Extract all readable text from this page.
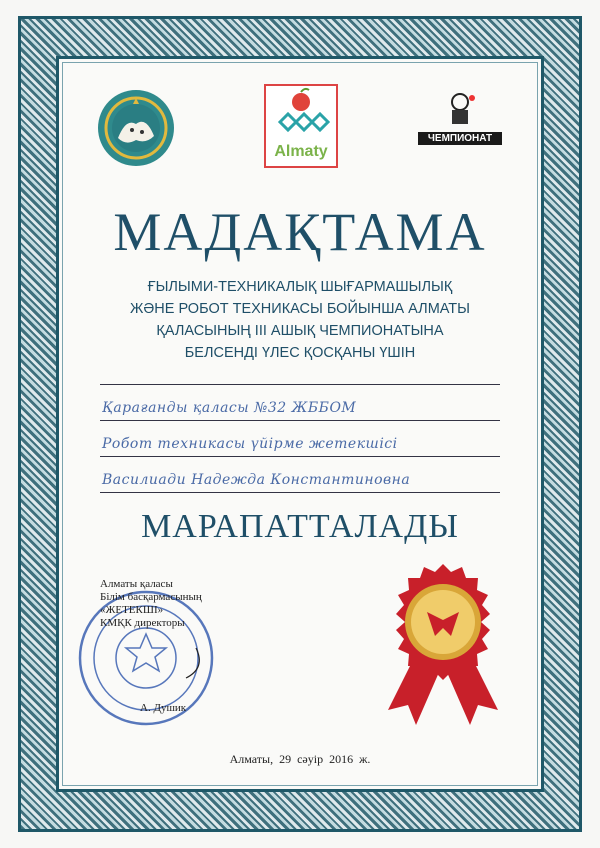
Almaty
ЧЕМПИОНАТ
МАДАҚТАМА
ҒЫЛЫМИ-ТЕХНИКАЛЫҚ ШЫҒАРМАШЫЛЫҚ
ЖӘНЕ РОБОТ ТЕХНИКАСЫ БОЙЫНША АЛМАТЫ
ҚАЛАСЫНЫҢ ІІІ АШЫҚ ЧЕМПИОНАТЫНА
БЕЛСЕНДІ ҮЛЕС ҚОСҚАНЫ ҮШІН
Қарағанды қаласы №32 ЖББОМ
Робот техникасы үйірме жетекшісі
Василиади Надежда Константиновна
МАРАПАТТАЛАДЫ
Алматы қаласы
Білім басқармасының
«ЖЕТЕКШІ»
КМҚК директоры
А. Душик
Алматы, 29 сәуір 2016 ж.
